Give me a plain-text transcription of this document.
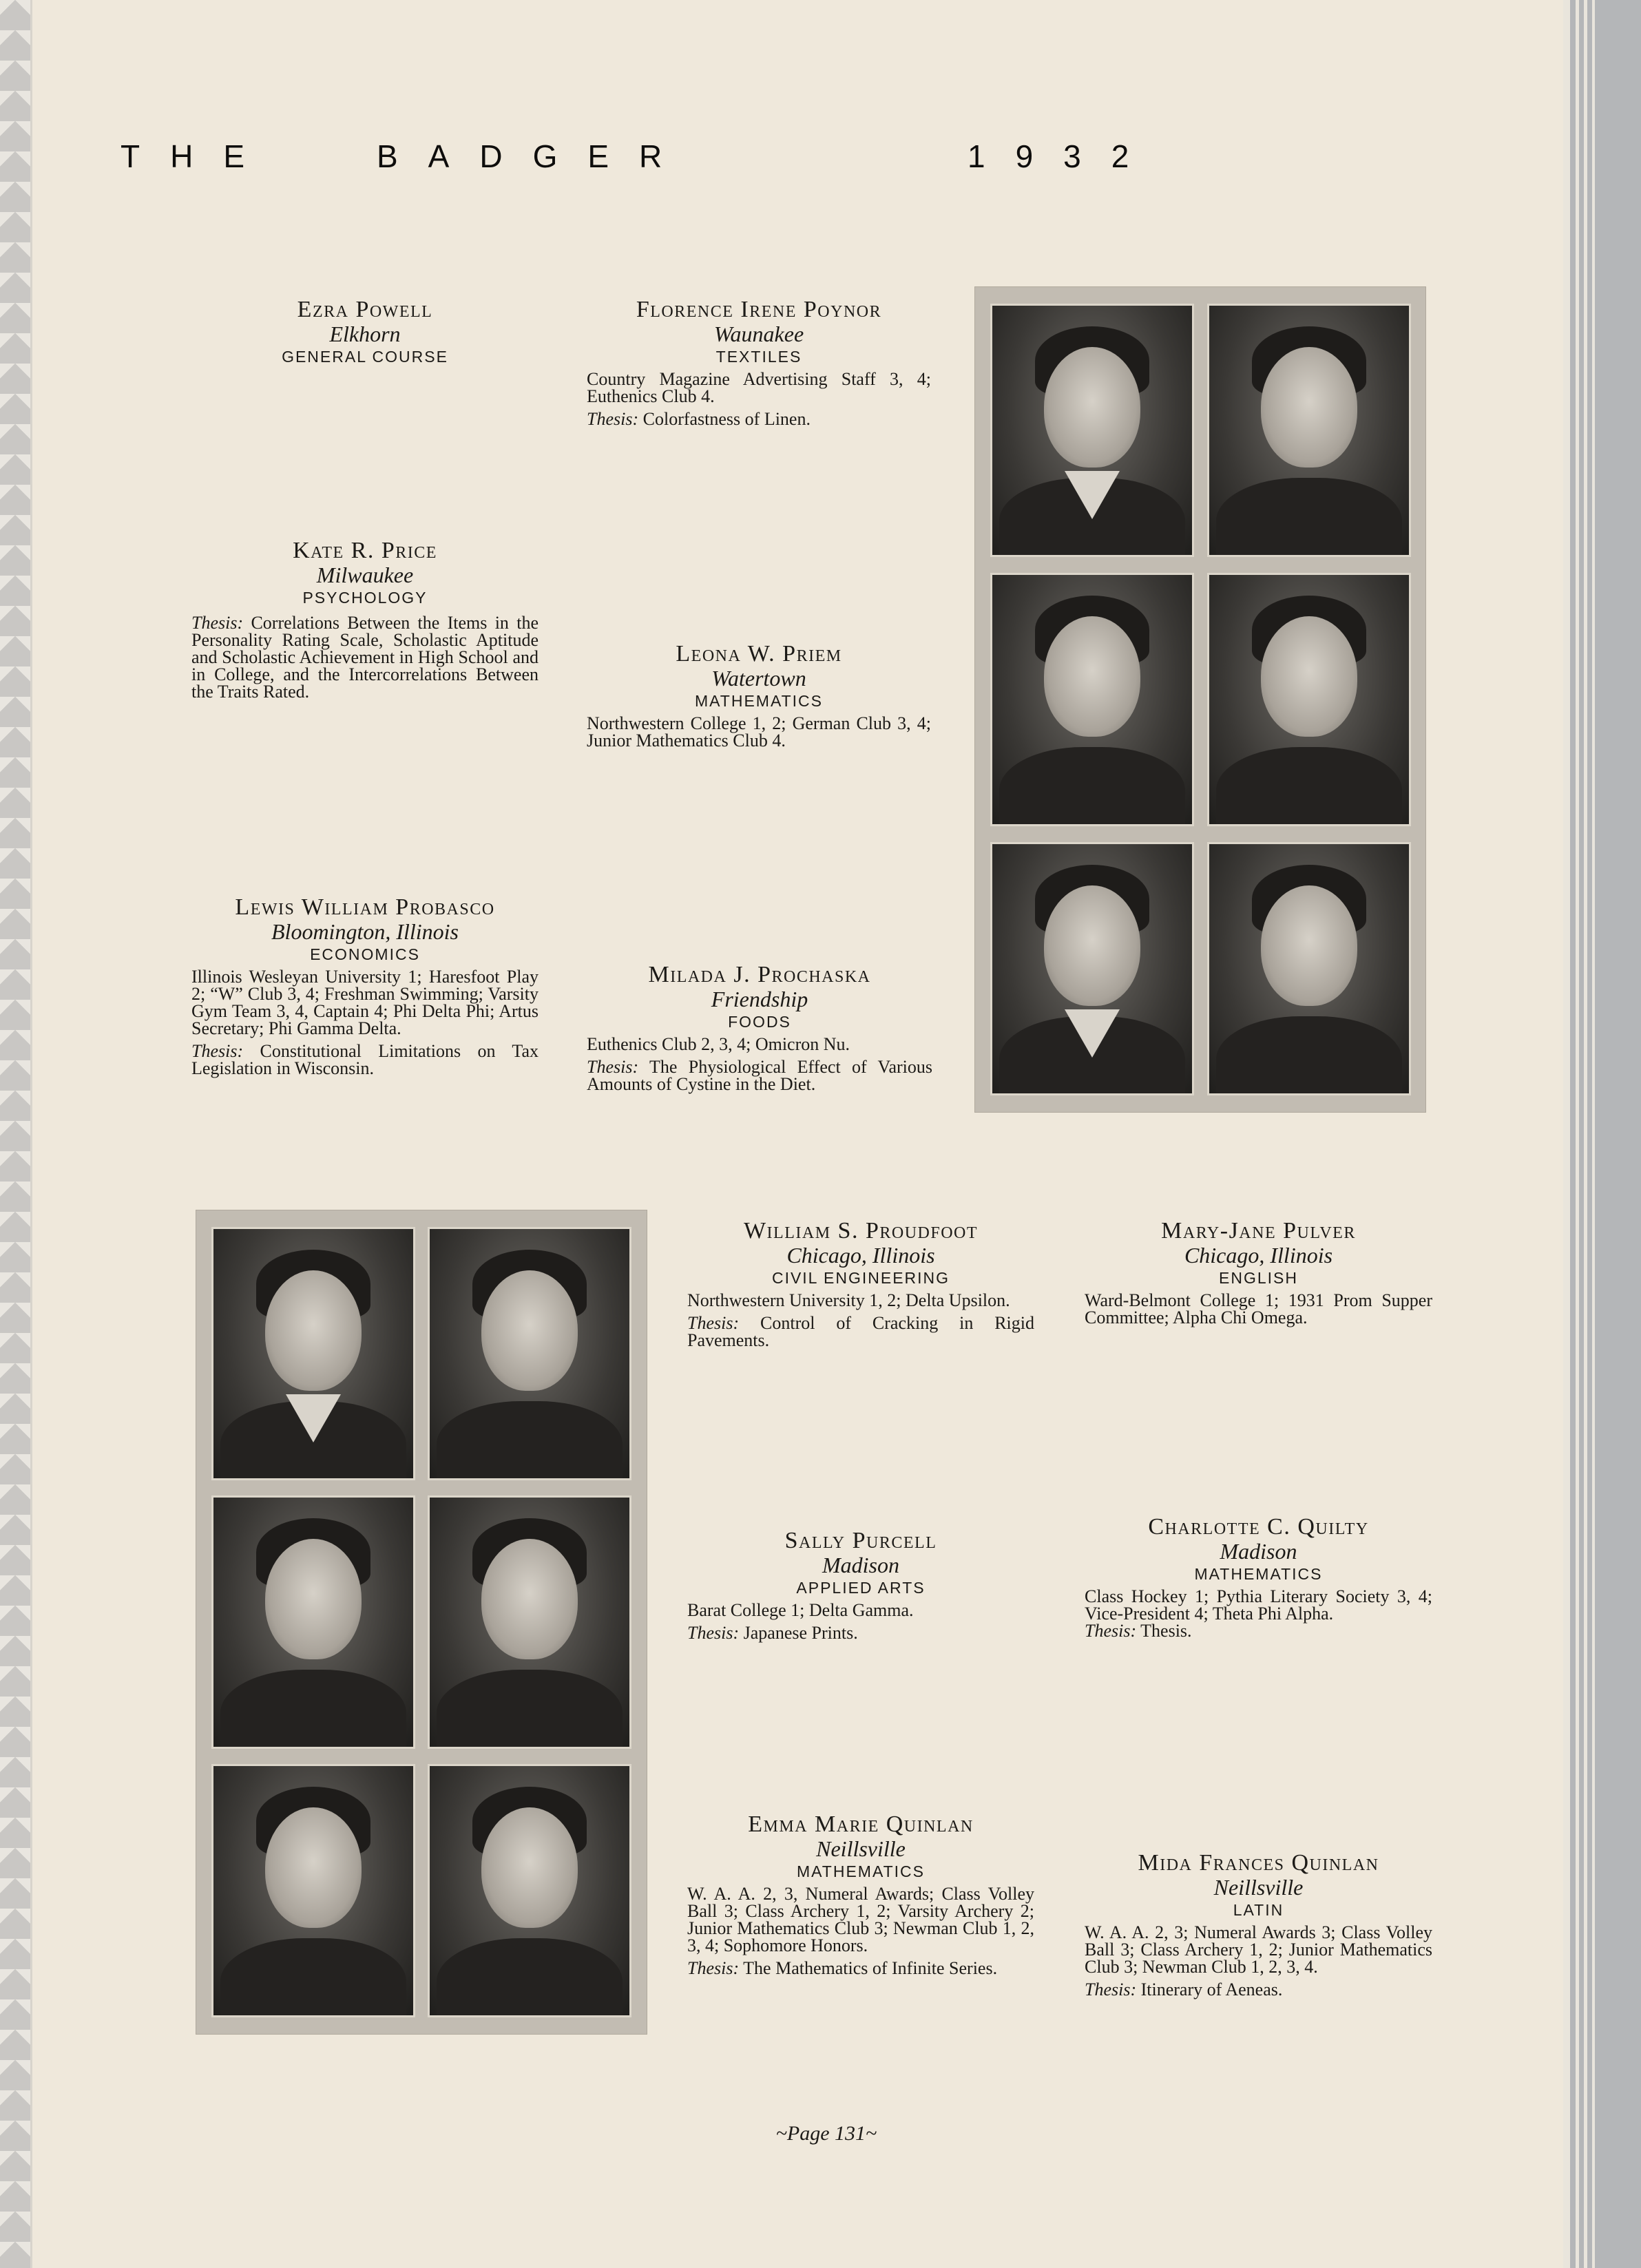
THE	BADGER	1932
Ezra Powell
Elkhorn
GENERAL COURSE
Kate R. Price
Milwaukee
PSYCHOLOGY
Thesis: Correlations Between the Items in the Personality Rating Scale, Scholastic Aptitude and Scholastic Achievement in High School and in College, and the Intercorrelations Between the Traits Rated.
Lewis William Probasco
Bloomington, Illinois
ECONOMICS
Illinois Wesleyan University 1; Haresfoot Play 2; “W” Club 3, 4; Freshman Swimming; Varsity Gym Team 3, 4, Captain 4; Phi Delta Phi; Artus Secretary; Phi Gamma Delta.
Thesis: Constitutional Limitations on Tax Legislation in Wisconsin.
Florence Irene Poynor
Waunakee
TEXTILES
Country Magazine Advertising Staff 3, 4; Euthenics Club 4.
Thesis: Colorfastness of Linen.
Leona W. Priem
Watertown
MATHEMATICS
Northwestern College 1, 2; German Club 3, 4; Junior Mathematics Club 4.
Milada J. Prochaska
Friendship
FOODS
Euthenics Club 2, 3, 4; Omicron Nu.
Thesis: The Physiological Effect of Various Amounts of Cystine in the Diet.
William S. Proudfoot
Chicago, Illinois
CIVIL ENGINEERING
Northwestern University 1, 2; Delta Upsilon.
Thesis: Control of Cracking in Rigid Pavements.
Sally Purcell
Madison
APPLIED ARTS
Barat College 1; Delta Gamma.
Thesis: Japanese Prints.
Emma Marie Quinlan
Neillsville
MATHEMATICS
W. A. A. 2, 3, Numeral Awards; Class Volley Ball 3; Class Archery 1, 2; Varsity Archery 2; Junior Mathematics Club 3; Newman Club 1, 2, 3, 4; Sophomore Honors.
Thesis: The Mathematics of Infinite Series.
Mary-Jane Pulver
Chicago, Illinois
ENGLISH
Ward-Belmont College 1; 1931 Prom Supper Committee; Alpha Chi Omega.
Charlotte C. Quilty
Madison
MATHEMATICS
Class Hockey 1; Pythia Literary Society 3, 4; Vice-President 4; Theta Phi Alpha.
Thesis: Thesis.
Mida Frances Quinlan
Neillsville
LATIN
W. A. A. 2, 3; Numeral Awards 3; Class Volley Ball 3; Class Archery 1, 2; Junior Mathematics Club 3; Newman Club 1, 2, 3, 4.
Thesis: Itinerary of Aeneas.
~Page 131~
